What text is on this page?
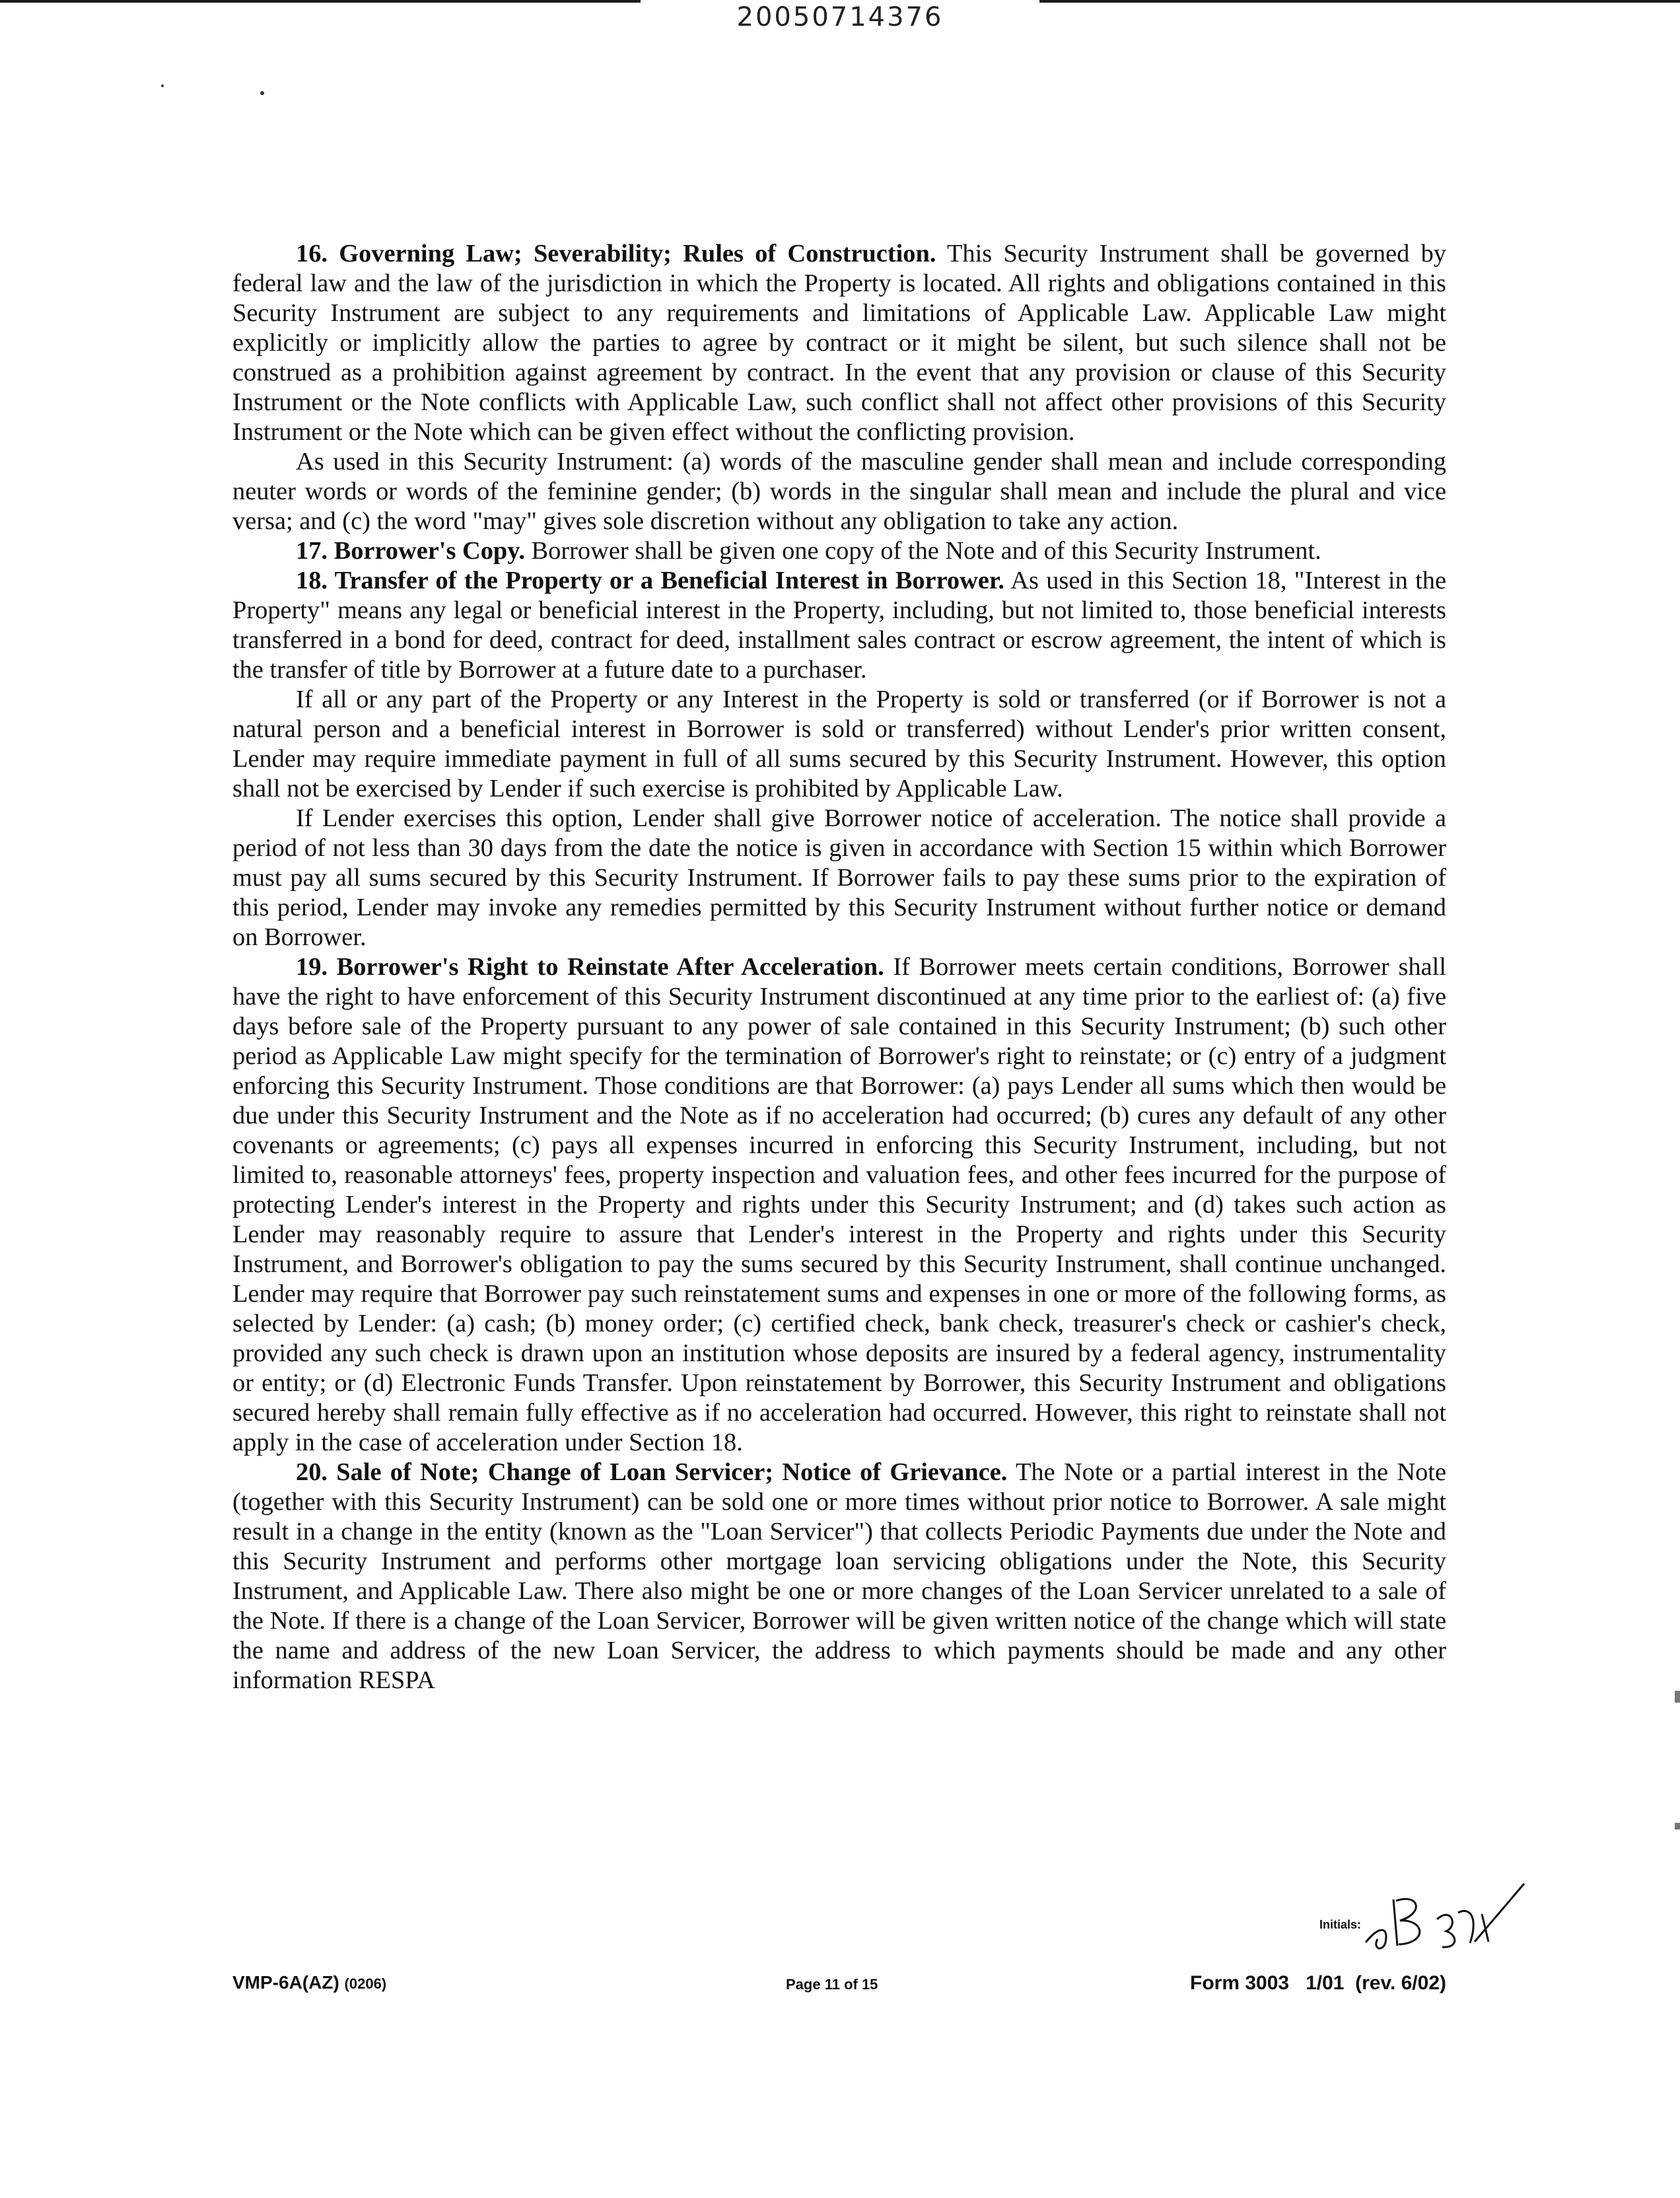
20050714376

16. Governing Law; Severability; Rules of Construction. This Security Instrument shall be governed by federal law and the law of the jurisdiction in which the Property is located. All rights and obligations contained in this Security Instrument are subject to any requirements and limitations of Applicable Law. Applicable Law might explicitly or implicitly allow the parties to agree by contract or it might be silent, but such silence shall not be construed as a prohibition against agreement by contract. In the event that any provision or clause of this Security Instrument or the Note conflicts with Applicable Law, such conflict shall not affect other provisions of this Security Instrument or the Note which can be given effect without the conflicting provision.

As used in this Security Instrument: (a) words of the masculine gender shall mean and include corresponding neuter words or words of the feminine gender; (b) words in the singular shall mean and include the plural and vice versa; and (c) the word "may" gives sole discretion without any obligation to take any action.

17. Borrower's Copy. Borrower shall be given one copy of the Note and of this Security Instrument.

18. Transfer of the Property or a Beneficial Interest in Borrower. As used in this Section 18, "Interest in the Property" means any legal or beneficial interest in the Property, including, but not limited to, those beneficial interests transferred in a bond for deed, contract for deed, installment sales contract or escrow agreement, the intent of which is the transfer of title by Borrower at a future date to a purchaser.

If all or any part of the Property or any Interest in the Property is sold or transferred (or if Borrower is not a natural person and a beneficial interest in Borrower is sold or transferred) without Lender's prior written consent, Lender may require immediate payment in full of all sums secured by this Security Instrument. However, this option shall not be exercised by Lender if such exercise is prohibited by Applicable Law.

If Lender exercises this option, Lender shall give Borrower notice of acceleration. The notice shall provide a period of not less than 30 days from the date the notice is given in accordance with Section 15 within which Borrower must pay all sums secured by this Security Instrument. If Borrower fails to pay these sums prior to the expiration of this period, Lender may invoke any remedies permitted by this Security Instrument without further notice or demand on Borrower.

19. Borrower's Right to Reinstate After Acceleration. If Borrower meets certain conditions, Borrower shall have the right to have enforcement of this Security Instrument discontinued at any time prior to the earliest of: (a) five days before sale of the Property pursuant to any power of sale contained in this Security Instrument; (b) such other period as Applicable Law might specify for the termination of Borrower's right to reinstate; or (c) entry of a judgment enforcing this Security Instrument. Those conditions are that Borrower: (a) pays Lender all sums which then would be due under this Security Instrument and the Note as if no acceleration had occurred; (b) cures any default of any other covenants or agreements; (c) pays all expenses incurred in enforcing this Security Instrument, including, but not limited to, reasonable attorneys' fees, property inspection and valuation fees, and other fees incurred for the purpose of protecting Lender's interest in the Property and rights under this Security Instrument; and (d) takes such action as Lender may reasonably require to assure that Lender's interest in the Property and rights under this Security Instrument, and Borrower's obligation to pay the sums secured by this Security Instrument, shall continue unchanged. Lender may require that Borrower pay such reinstatement sums and expenses in one or more of the following forms, as selected by Lender: (a) cash; (b) money order; (c) certified check, bank check, treasurer's check or cashier's check, provided any such check is drawn upon an institution whose deposits are insured by a federal agency, instrumentality or entity; or (d) Electronic Funds Transfer. Upon reinstatement by Borrower, this Security Instrument and obligations secured hereby shall remain fully effective as if no acceleration had occurred. However, this right to reinstate shall not apply in the case of acceleration under Section 18.

20. Sale of Note; Change of Loan Servicer; Notice of Grievance. The Note or a partial interest in the Note (together with this Security Instrument) can be sold one or more times without prior notice to Borrower. A sale might result in a change in the entity (known as the "Loan Servicer") that collects Periodic Payments due under the Note and this Security Instrument and performs other mortgage loan servicing obligations under the Note, this Security Instrument, and Applicable Law. There also might be one or more changes of the Loan Servicer unrelated to a sale of the Note. If there is a change of the Loan Servicer, Borrower will be given written notice of the change which will state the name and address of the new Loan Servicer, the address to which payments should be made and any other information RESPA

Initials:
VMP-6A(AZ) (0206)	Page 11 of 15	Form 3003   1/01  (rev. 6/02)
